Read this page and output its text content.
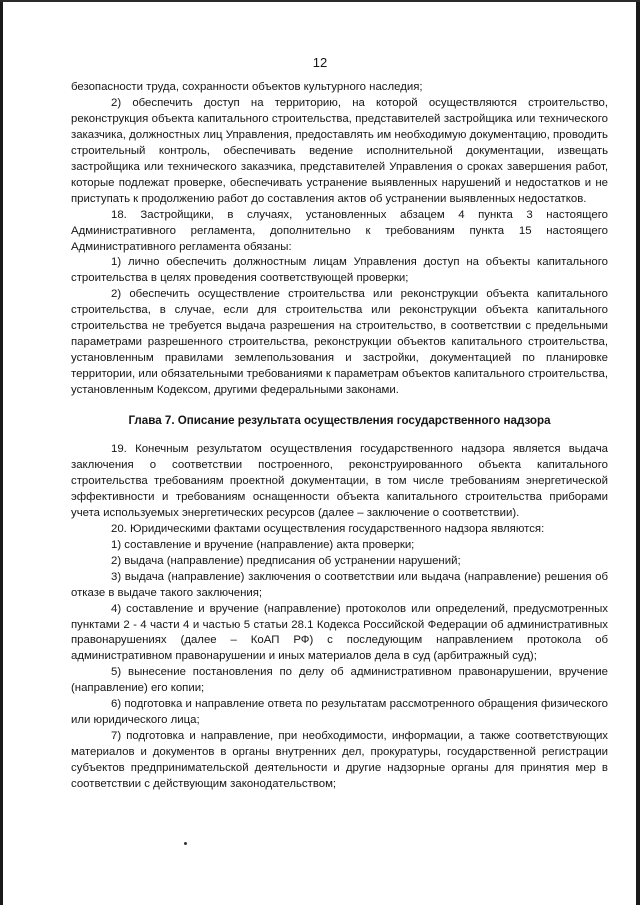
12

безопасности труда, сохранности объектов культурного наследия;

2) обеспечить доступ на территорию, на которой осуществляются строительство, реконструкция объекта капитального строительства, представителей застройщика или технического заказчика, должностных лиц Управления, предоставлять им необходимую документацию, проводить строительный контроль, обеспечивать ведение исполнительной документации, извещать застройщика или технического заказчика, представителей Управления о сроках завершения работ, которые подлежат проверке, обеспечивать устранение выявленных нарушений и недостатков и не приступать к продолжению работ до составления актов об устранении выявленных недостатков.

18. Застройщики, в случаях, установленных абзацем 4 пункта 3 настоящего Административного регламента, дополнительно к требованиям пункта 15 настоящего Административного регламента обязаны:

1) лично обеспечить должностным лицам Управления доступ на объекты капитального строительства в целях проведения соответствующей проверки;

2) обеспечить осуществление строительства или реконструкции объекта капитального строительства, в случае, если для строительства или реконструкции объекта капитального строительства не требуется выдача разрешения на строительство, в соответствии с предельными параметрами разрешенного строительства, реконструкции объектов капитального строительства, установленным правилами землепользования и застройки, документацией по планировке территории, или обязательными требованиями к параметрам объектов капитального строительства, установленным Кодексом, другими федеральными законами.

Глава 7. Описание результата осуществления государственного надзора

19. Конечным результатом осуществления государственного надзора является выдача заключения о соответствии построенного, реконструированного объекта капитального строительства требованиям проектной документации, в том числе требованиям энергетической эффективности и требованиям оснащенности объекта капитального строительства приборами учета используемых энергетических ресурсов (далее – заключение о соответствии).

20. Юридическими фактами осуществления государственного надзора являются:

1) составление и вручение (направление) акта проверки;

2) выдача (направление) предписания об устранении нарушений;

3) выдача (направление) заключения о соответствии или выдача (направление) решения об отказе в выдаче такого заключения;

4) составление и вручение (направление) протоколов или определений, предусмотренных пунктами 2 - 4 части 4 и частью 5 статьи 28.1 Кодекса Российской Федерации об административных правонарушениях (далее – КоАП РФ) с последующим направлением протокола об административном правонарушении и иных материалов дела в суд (арбитражный суд);

5) вынесение постановления по делу об административном правонарушении, вручение (направление) его копии;

6) подготовка и направление ответа по результатам рассмотренного обращения физического или юридического лица;

7) подготовка и направление, при необходимости, информации, а также соответствующих материалов и документов в органы внутренних дел, прокуратуры, государственной регистрации субъектов предпринимательской деятельности и другие надзорные органы для принятия мер в соответствии с действующим законодательством;
